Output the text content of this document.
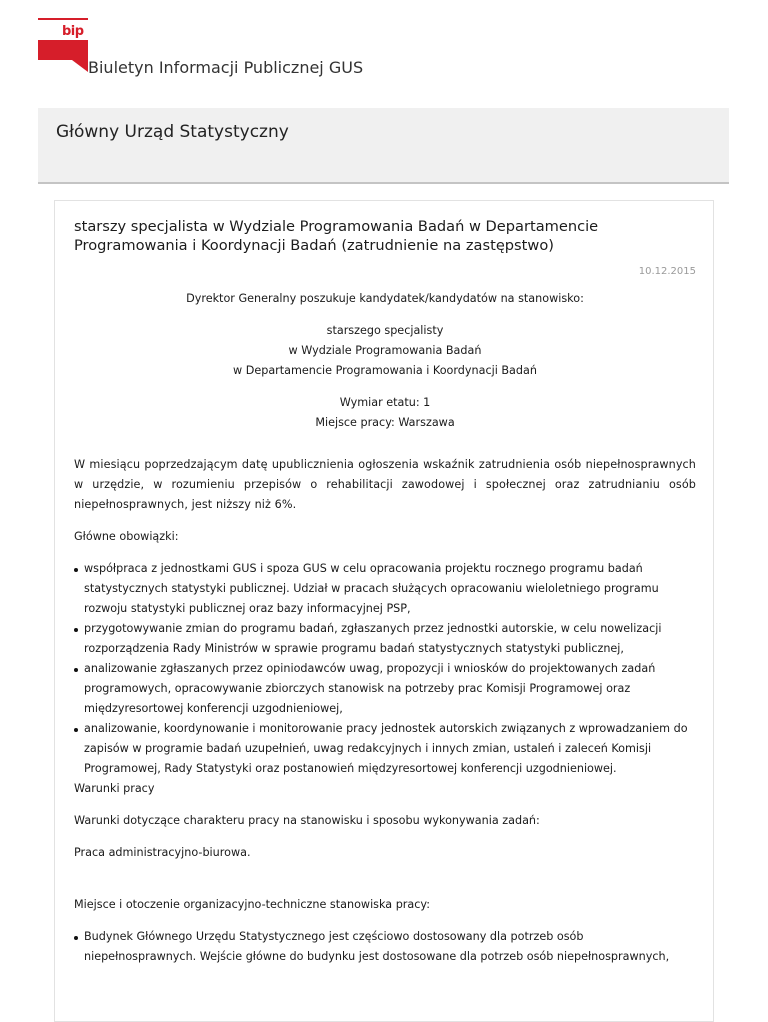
bip
Biuletyn Informacji Publicznej GUS
Główny Urząd Statystyczny
starszy specjalista w Wydziale Programowania Badań w Departamencie Programowania i Koordynacji Badań (zatrudnienie na zastępstwo)
10.12.2015

Dyrektor Generalny poszukuje kandydatek/kandydatów na stanowisko:

starszego specjalisty

w Wydziale Programowania Badań

w Departamencie Programowania i Koordynacji Badań

Wymiar etatu: 1

Miejsce pracy: Warszawa

W miesiącu poprzedzającym datę upublicznienia ogłoszenia wskaźnik zatrudnienia osób niepełnosprawnych w urzędzie, w rozumieniu przepisów o rehabilitacji zawodowej i społecznej oraz zatrudnianiu osób niepełnosprawnych, jest niższy niż 6%.

Główne obowiązki:

współpraca z jednostkami GUS i spoza GUS w celu opracowania projektu rocznego programu badań statystycznych statystyki publicznej. Udział w pracach służących opracowaniu wieloletniego programu rozwoju statystyki publicznej oraz bazy informacyjnej PSP,
przygotowywanie zmian do programu badań, zgłaszanych przez jednostki autorskie, w celu nowelizacji rozporządzenia Rady Ministrów w sprawie programu badań statystycznych statystyki publicznej,
analizowanie zgłaszanych przez opiniodawców uwag, propozycji i wniosków do projektowanych zadań programowych, opracowywanie zbiorczych stanowisk na potrzeby prac Komisji Programowej oraz międzyresortowej konferencji uzgodnieniowej,
analizowanie, koordynowanie i monitorowanie pracy jednostek autorskich związanych z wprowadzaniem do zapisów w programie badań uzupełnień, uwag redakcyjnych i innych zmian, ustaleń i zaleceń Komisji Programowej, Rady Statystyki oraz postanowień międzyresortowej konferencji uzgodnieniowej.

Warunki pracy

Warunki dotyczące charakteru pracy na stanowisku i sposobu wykonywania zadań:

Praca administracyjno-biurowa.

Miejsce i otoczenie organizacyjno-techniczne stanowiska pracy:

Budynek Głównego Urzędu Statystycznego jest częściowo dostosowany dla potrzeb osób niepełnosprawnych. Wejście główne do budynku jest dostosowane dla potrzeb osób niepełnosprawnych,
